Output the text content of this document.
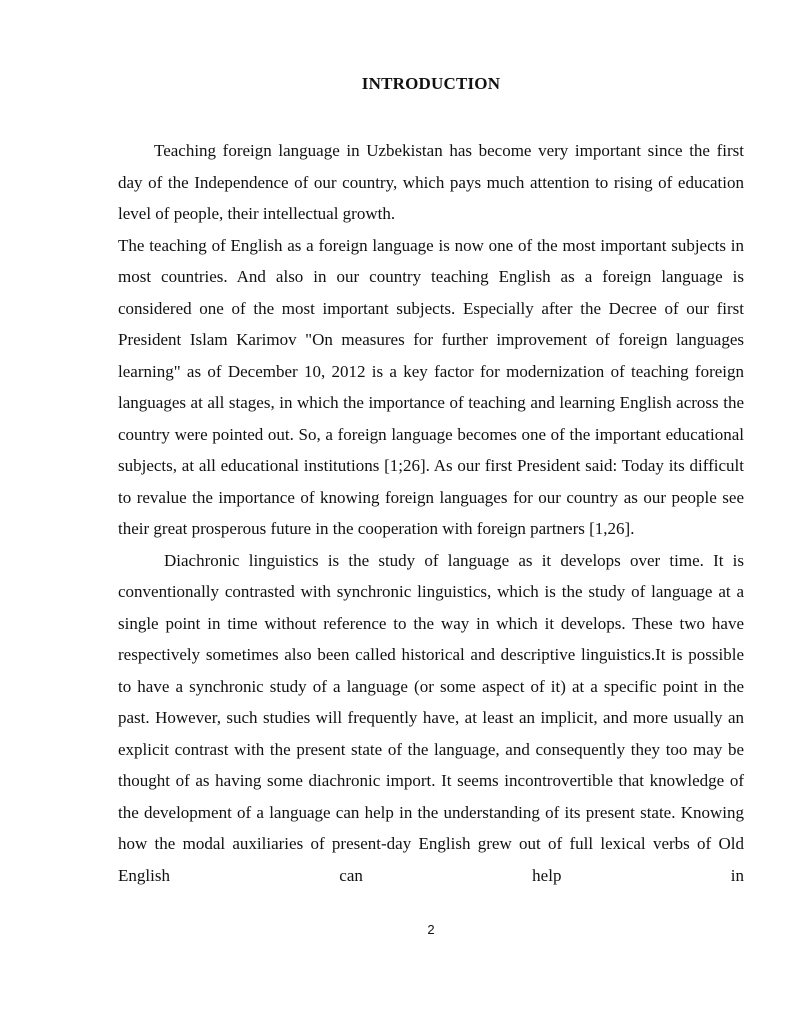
INTRODUCTION

Teaching foreign language in Uzbekistan has become very important since the first day of the Independence of our country, which pays much attention to rising of education level of people, their intellectual growth.

The teaching of English as a foreign language is now one of the most important subjects in most countries. And also in our country teaching English as a foreign language is considered one of the most important subjects. Especially after the Decree of our first President Islam Karimov "On measures for further improvement of foreign languages learning" as of December 10, 2012 is a key factor for modernization of teaching foreign languages at all stages, in which the importance of teaching and learning English across the country were pointed out. So, a foreign language becomes one of the important educational subjects, at all educational institutions [1;26]. As our first President said: Today its difficult to revalue the importance of knowing foreign languages for our country as our people see their great prosperous future in the cooperation with foreign partners [1,26].

Diachronic linguistics is the study of language as it develops over time. It is conventionally contrasted with synchronic linguistics, which is the study of language at a single point in time without reference to the way in which it develops. These two have respectively sometimes also been called historical and descriptive linguistics.It is possible to have a synchronic study of a language (or some aspect of it) at a specific point in the past. However, such studies will frequently have, at least an implicit, and more usually an explicit contrast with the present state of the language, and consequently they too may be thought of as having some diachronic import. It seems incontrovertible that knowledge of the development of a language can help in the understanding of its present state. Knowing how the modal auxiliaries of present-day English grew out of full lexical verbs of Old English can help in

2
